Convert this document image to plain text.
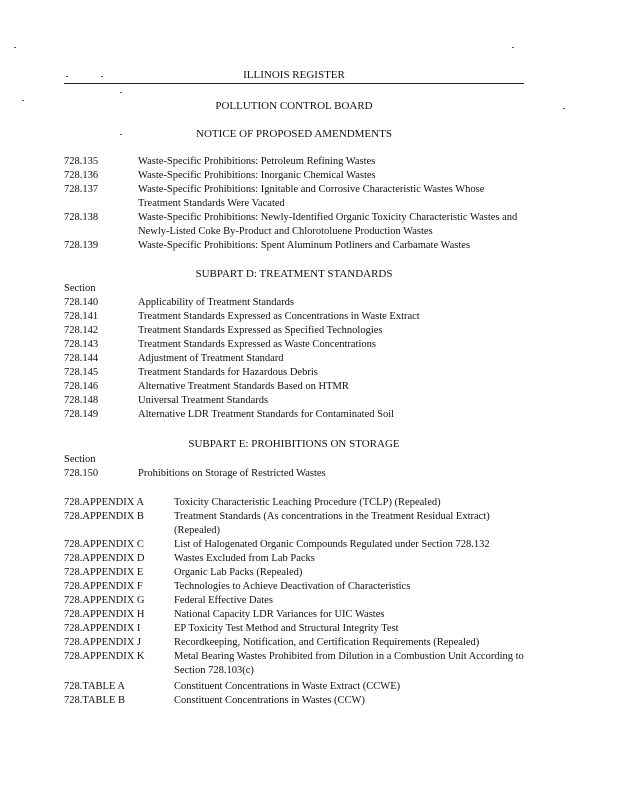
ILLINOIS REGISTER
POLLUTION CONTROL BOARD
NOTICE OF PROPOSED AMENDMENTS
728.135	Waste-Specific Prohibitions: Petroleum Refining Wastes
728.136	Waste-Specific Prohibitions: Inorganic Chemical Wastes
728.137	Waste-Specific Prohibitions: Ignitable and Corrosive Characteristic Wastes Whose Treatment Standards Were Vacated
728.138	Waste-Specific Prohibitions: Newly-Identified Organic Toxicity Characteristic Wastes and Newly-Listed Coke By-Product and Chlorotoluene Production Wastes
728.139	Waste-Specific Prohibitions: Spent Aluminum Potliners and Carbamate Wastes
SUBPART D: TREATMENT STANDARDS
Section
728.140	Applicability of Treatment Standards
728.141	Treatment Standards Expressed as Concentrations in Waste Extract
728.142	Treatment Standards Expressed as Specified Technologies
728.143	Treatment Standards Expressed as Waste Concentrations
728.144	Adjustment of Treatment Standard
728.145	Treatment Standards for Hazardous Debris
728.146	Alternative Treatment Standards Based on HTMR
728.148	Universal Treatment Standards
728.149	Alternative LDR Treatment Standards for Contaminated Soil
SUBPART E: PROHIBITIONS ON STORAGE
Section
728.150	Prohibitions on Storage of Restricted Wastes
728.APPENDIX A	Toxicity Characteristic Leaching Procedure (TCLP) (Repealed)
728.APPENDIX B	Treatment Standards (As concentrations in the Treatment Residual Extract) (Repealed)
728.APPENDIX C	List of Halogenated Organic Compounds Regulated under Section 728.132
728.APPENDIX D	Wastes Excluded from Lab Packs
728.APPENDIX E	Organic Lab Packs (Repealed)
728.APPENDIX F	Technologies to Achieve Deactivation of Characteristics
728.APPENDIX G	Federal Effective Dates
728.APPENDIX H	National Capacity LDR Variances for UIC Wastes
728.APPENDIX I	EP Toxicity Test Method and Structural Integrity Test
728.APPENDIX J	Recordkeeping, Notification, and Certification Requirements (Repealed)
728.APPENDIX K	Metal Bearing Wastes Prohibited from Dilution in a Combustion Unit According to Section 728.103(c)
728.TABLE A	Constituent Concentrations in Waste Extract (CCWE)
728.TABLE B	Constituent Concentrations in Wastes (CCW)
